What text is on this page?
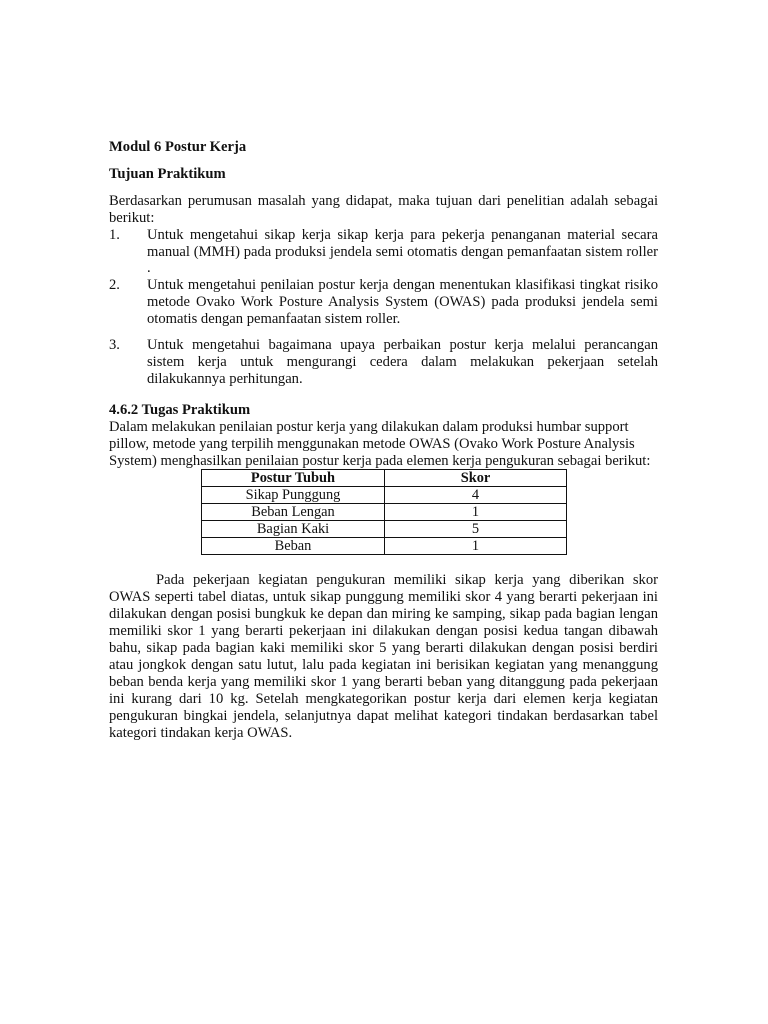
Modul 6 Postur Kerja

Tujuan Praktikum

Berdasarkan perumusan masalah yang didapat, maka tujuan dari penelitian adalah sebagai berikut:

1.	Untuk mengetahui sikap kerja sikap kerja para pekerja penanganan material secara manual (MMH) pada produksi jendela semi otomatis dengan pemanfaatan sistem roller .
2.	Untuk mengetahui penilaian postur kerja dengan menentukan klasifikasi tingkat risiko metode Ovako Work Posture Analysis System (OWAS) pada produksi jendela semi otomatis dengan pemanfaatan sistem roller.
3.	Untuk mengetahui bagaimana upaya perbaikan postur kerja melalui perancangan sistem kerja untuk mengurangi cedera dalam melakukan pekerjaan setelah dilakukannya perhitungan.

4.6.2 Tugas Praktikum

Dalam melakukan penilaian postur kerja yang dilakukan dalam produksi humbar support pillow, metode yang terpilih menggunakan metode OWAS (Ovako Work Posture Analysis System) menghasilkan penilaian postur kerja pada elemen kerja pengukuran sebagai berikut:

Postur Tubuh	Skor
Sikap Punggung	4
Beban Lengan	1
Bagian Kaki	5
Beban	1

Pada pekerjaan kegiatan pengukuran memiliki sikap kerja yang diberikan skor OWAS seperti tabel diatas, untuk sikap punggung memiliki skor 4 yang berarti pekerjaan ini dilakukan dengan posisi bungkuk ke depan dan miring ke samping, sikap pada bagian lengan memiliki skor 1 yang berarti pekerjaan ini dilakukan dengan posisi kedua tangan dibawah bahu, sikap pada bagian kaki memiliki skor 5 yang berarti dilakukan dengan posisi berdiri atau jongkok dengan satu lutut, lalu pada kegiatan ini berisikan kegiatan yang menanggung beban benda kerja yang memiliki skor 1 yang berarti beban yang ditanggung pada pekerjaan ini kurang dari 10 kg. Setelah mengkategorikan postur kerja dari elemen kerja kegiatan pengukuran bingkai jendela, selanjutnya dapat melihat kategori tindakan berdasarkan tabel kategori tindakan kerja OWAS.
